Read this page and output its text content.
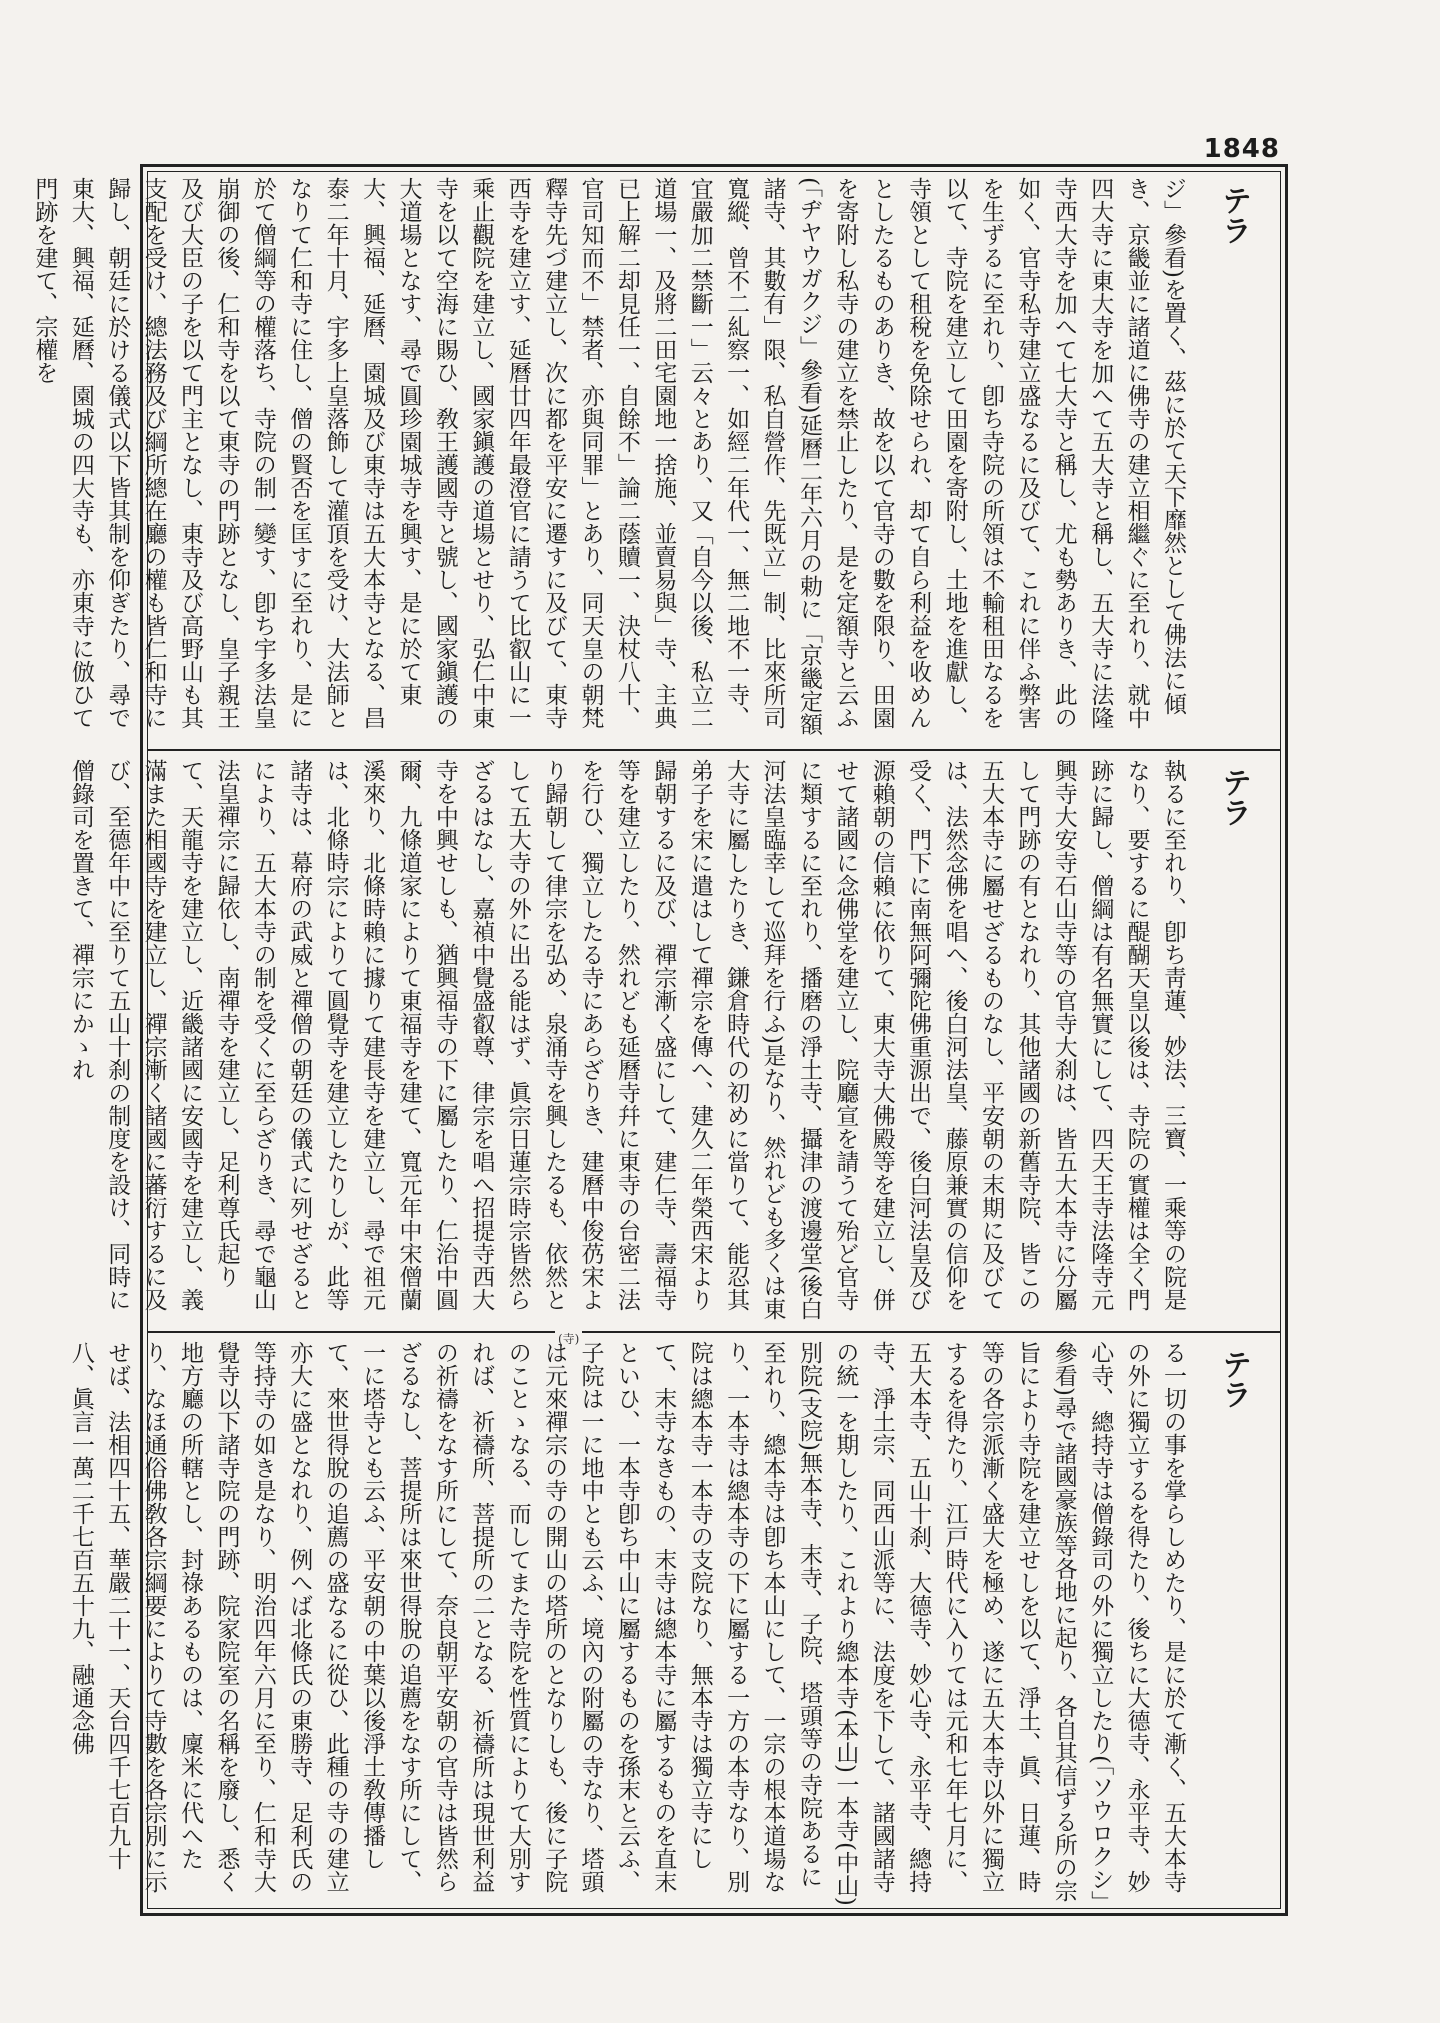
1848
テラ

ジ」參看)を置く、茲に於て天下靡然として佛法に傾き、京畿並に諸道に佛寺の建立相繼ぐに至れり、就中四大寺に東大寺を加へて五大寺と稱し、五大寺に法隆寺西大寺を加へて七大寺と稱し、尤も勢ありき、此の如く、官寺私寺建立盛なるに及びて、これに伴ふ弊害を生ずるに至れり、卽ち寺院の所領は不輸租田なるを以て、寺院を建立して田園を寄附し、土地を進獻し、寺領として租稅を免除せられ、却て自ら利益を收めんとしたるものありき、故を以て官寺の數を限り、田園を寄附し私寺の建立を禁止したり、是を定額寺と云ふ(「ヂヤウガクジ」參看)延曆二年六月の勅に「京畿定額諸寺、其數有」限、私自營作、先既立」制、比來所司寬縱、曾不二糺察一、如經二年代一、無二地不一寺、宜嚴加二禁斷一」云々とあり、又「自今以後、私立二道場一、及將二田宅園地一捨施、並賣易與」寺、主典已上解二却見任一、自餘不」論二蔭贖一、決杖八十、官司知而不」禁者、亦與同罪」とあり、同天皇の朝梵釋寺先づ建立し、次に都を平安に遷すに及びて、東寺西寺を建立す、延曆廿四年最澄官に請うて比叡山に一乘止觀院を建立し、國家鎭護の道場とせり、弘仁中東寺を以て空海に賜ひ、敎王護國寺と號し、國家鎭護の大道場となす、尋で圓珍園城寺を興す、是に於て東大、興福、延曆、園城及び東寺は五大本寺となる、昌泰二年十月、宇多上皇落飾して灌頂を受け、大法師となりて仁和寺に住し、僧の賢否を匡すに至れり、是に於て僧綱等の權落ち、寺院の制一變す、卽ち宇多法皇崩御の後、仁和寺を以て東寺の門跡となし、皇子親王及び大臣の子を以て門主となし、東寺及び高野山も其支配を受け、總法務及び綱所總在廳の權も皆仁和寺に歸し、朝廷に於ける儀式以下皆其制を仰ぎたり、尋で東大、興福、延曆、園城の四大寺も、亦東寺に倣ひて門跡を建て、宗權を

テラ

執るに至れり、卽ち靑蓮、妙法、三寶、一乘等の院是なり、要するに醍醐天皇以後は、寺院の實權は全く門跡に歸し、僧綱は有名無實にして、四天王寺法隆寺元興寺大安寺石山寺等の官寺大刹は、皆五大本寺に分屬して門跡の有となれり、其他諸國の新舊寺院、皆この五大本寺に屬せざるものなし、平安朝の末期に及びては、法然念佛を唱へ、後白河法皇、藤原兼實の信仰を受く、門下に南無阿彌陀佛重源出で、後白河法皇及び源賴朝の信賴に依りて、東大寺大佛殿等を建立し、併せて諸國に念佛堂を建立し、院廳宣を請うて殆ど官寺に類するに至れり、播磨の淨土寺、攝津の渡邊堂(後白河法皇臨幸して巡拜を行ふ)是なり、然れども多くは東大寺に屬したりき、鎌倉時代の初めに當りて、能忍其弟子を宋に遣はして禪宗を傳へ、建久二年榮西宋より歸朝するに及び、禪宗漸く盛にして、建仁寺、壽福寺等を建立したり、然れども延曆寺幷に東寺の台密二法を行ひ、獨立したる寺にあらざりき、建曆中俊芿宋より歸朝して律宗を弘め、泉涌寺を興したるも、依然として五大寺の外に出る能はず、眞宗日蓮宗時宗皆然らざるはなし、嘉禎中覺盛叡尊、律宗を唱へ招提寺西大寺を中興せしも、猶興福寺の下に屬したり、仁治中圓爾、九條道家によりて東福寺を建て、寬元年中宋僧蘭溪來り、北條時賴に據りて建長寺を建立し、尋で祖元は、北條時宗によりて圓覺寺を建立したりしが、此等諸寺は、幕府の武威と禪僧の朝廷の儀式に列せざるとにより、五大本寺の制を受くに至らざりき、尋で龜山法皇禪宗に歸依し、南禪寺を建立し、足利尊氏起りて、天龍寺を建立し、近畿諸國に安國寺を建立し、義滿また相國寺を建立し、禪宗漸く諸國に蕃衍するに及び、至德年中に至りて五山十刹の制度を設け、同時に僧錄司を置きて、禪宗にかゝれ

(寺)
テラ

る一切の事を掌らしめたり、是に於て漸く、五大本寺の外に獨立するを得たり、後ちに大德寺、永平寺、妙心寺、總持寺は僧錄司の外に獨立したり(「ソウロクシ」參看)尋で諸國豪族等各地に起り、各自其信ずる所の宗旨により寺院を建立せしを以て、淨土、眞、日蓮、時等の各宗派漸く盛大を極め、遂に五大本寺以外に獨立するを得たり、江戸時代に入りては元和七年七月に、五大本寺、五山十刹、大德寺、妙心寺、永平寺、總持寺、淨土宗、同西山派等に、法度を下して、諸國諸寺の統一を期したり、これより總本寺(本山)一本寺(中山)別院(支院)無本寺、末寺、子院、塔頭等の寺院あるに至れり、總本寺は卽ち本山にして、一宗の根本道場なり、一本寺は總本寺の下に屬する一方の本寺なり、別院は總本寺一本寺の支院なり、無本寺は獨立寺にして、末寺なきもの、末寺は總本寺に屬するものを直末といひ、一本寺卽ち中山に屬するものを孫末と云ふ、子院は一に地中とも云ふ、境內の附屬の寺なり、塔頭は元來禪宗の寺の開山の塔所のとなりしも、後に子院のことゝなる、而してまた寺院を性質によりて大別すれば、祈禱所、菩提所の二となる、祈禱所は現世利益の祈禱をなす所にして、奈良朝平安朝の官寺は皆然らざるなし、菩提所は來世得脫の追薦をなす所にして、一に塔寺とも云ふ、平安朝の中葉以後淨土敎傳播して、來世得脫の追薦の盛なるに從ひ、此種の寺の建立亦大に盛となれり、例へば北條氏の東勝寺、足利氏の等持寺の如き是なり、明治四年六月に至り、仁和寺大覺寺以下諸寺院の門跡、院家院室の名稱を廢し、悉く地方廳の所轄とし、封祿あるものは、廩米に代へたり、なほ通俗佛敎各宗綱要によりて寺數を各宗別に示せば、法相四十五、華嚴二十一、天台四千七百九十八、眞言一萬二千七百五十九、融通念佛
